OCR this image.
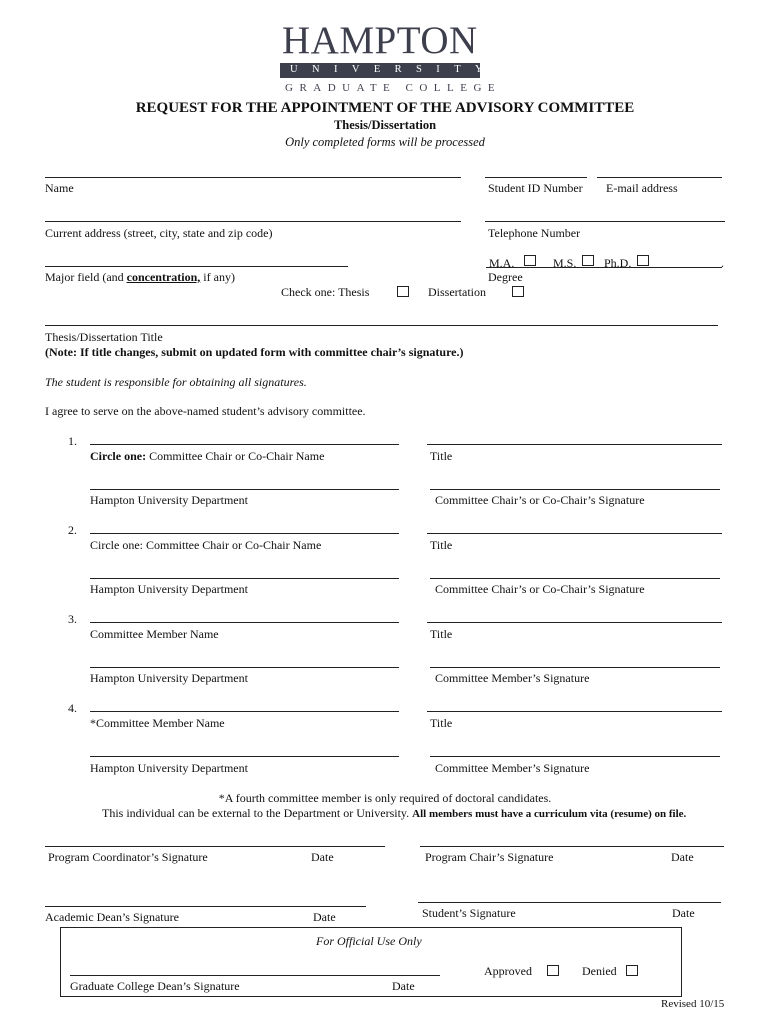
HAMPTON
UNIVERSITY
GRADUATE COLLEGE
REQUEST FOR THE APPOINTMENT OF THE ADVISORY COMMITTEE
Thesis/Dissertation
Only completed forms will be processed
Name	Student ID Number E-mail address
Current address (street, city, state and zip code)	Telephone Number
Major field (and concentration, if any)
M.A.	M.S. Ph.D.	.
Degree
Check one: Thesis	Dissertation
Thesis/Dissertation Title
(Note: If title changes, submit on updated form with committee chair’s signature.)
The student is responsible for obtaining all signatures.
I agree to serve on the above-named student’s advisory committee.
1.
Circle one: Committee Chair or Co-Chair Name	Title
Hampton University Department	Committee Chair’s or Co-Chair’s Signature
2.
Circle one: Committee Chair or Co-Chair Name	Title
Hampton University Department	Committee Chair’s or Co-Chair’s Signature
3.
Committee Member Name	Title
Hampton University Department	Committee Member’s Signature
4.
*Committee Member Name	Title
Hampton University Department	Committee Member’s Signature
*A fourth committee member is only required of doctoral candidates.
This individual can be external to the Department or University. All members must have a curriculum vita (resume) on file.
Program Coordinator’s Signature	Date	Program Chair’s Signature	Date
Academic Dean’s Signature	Date	Student’s Signature	Date
For Official Use Only
Approved	Denied
Graduate College Dean’s Signature	Date
Revised 10/15
